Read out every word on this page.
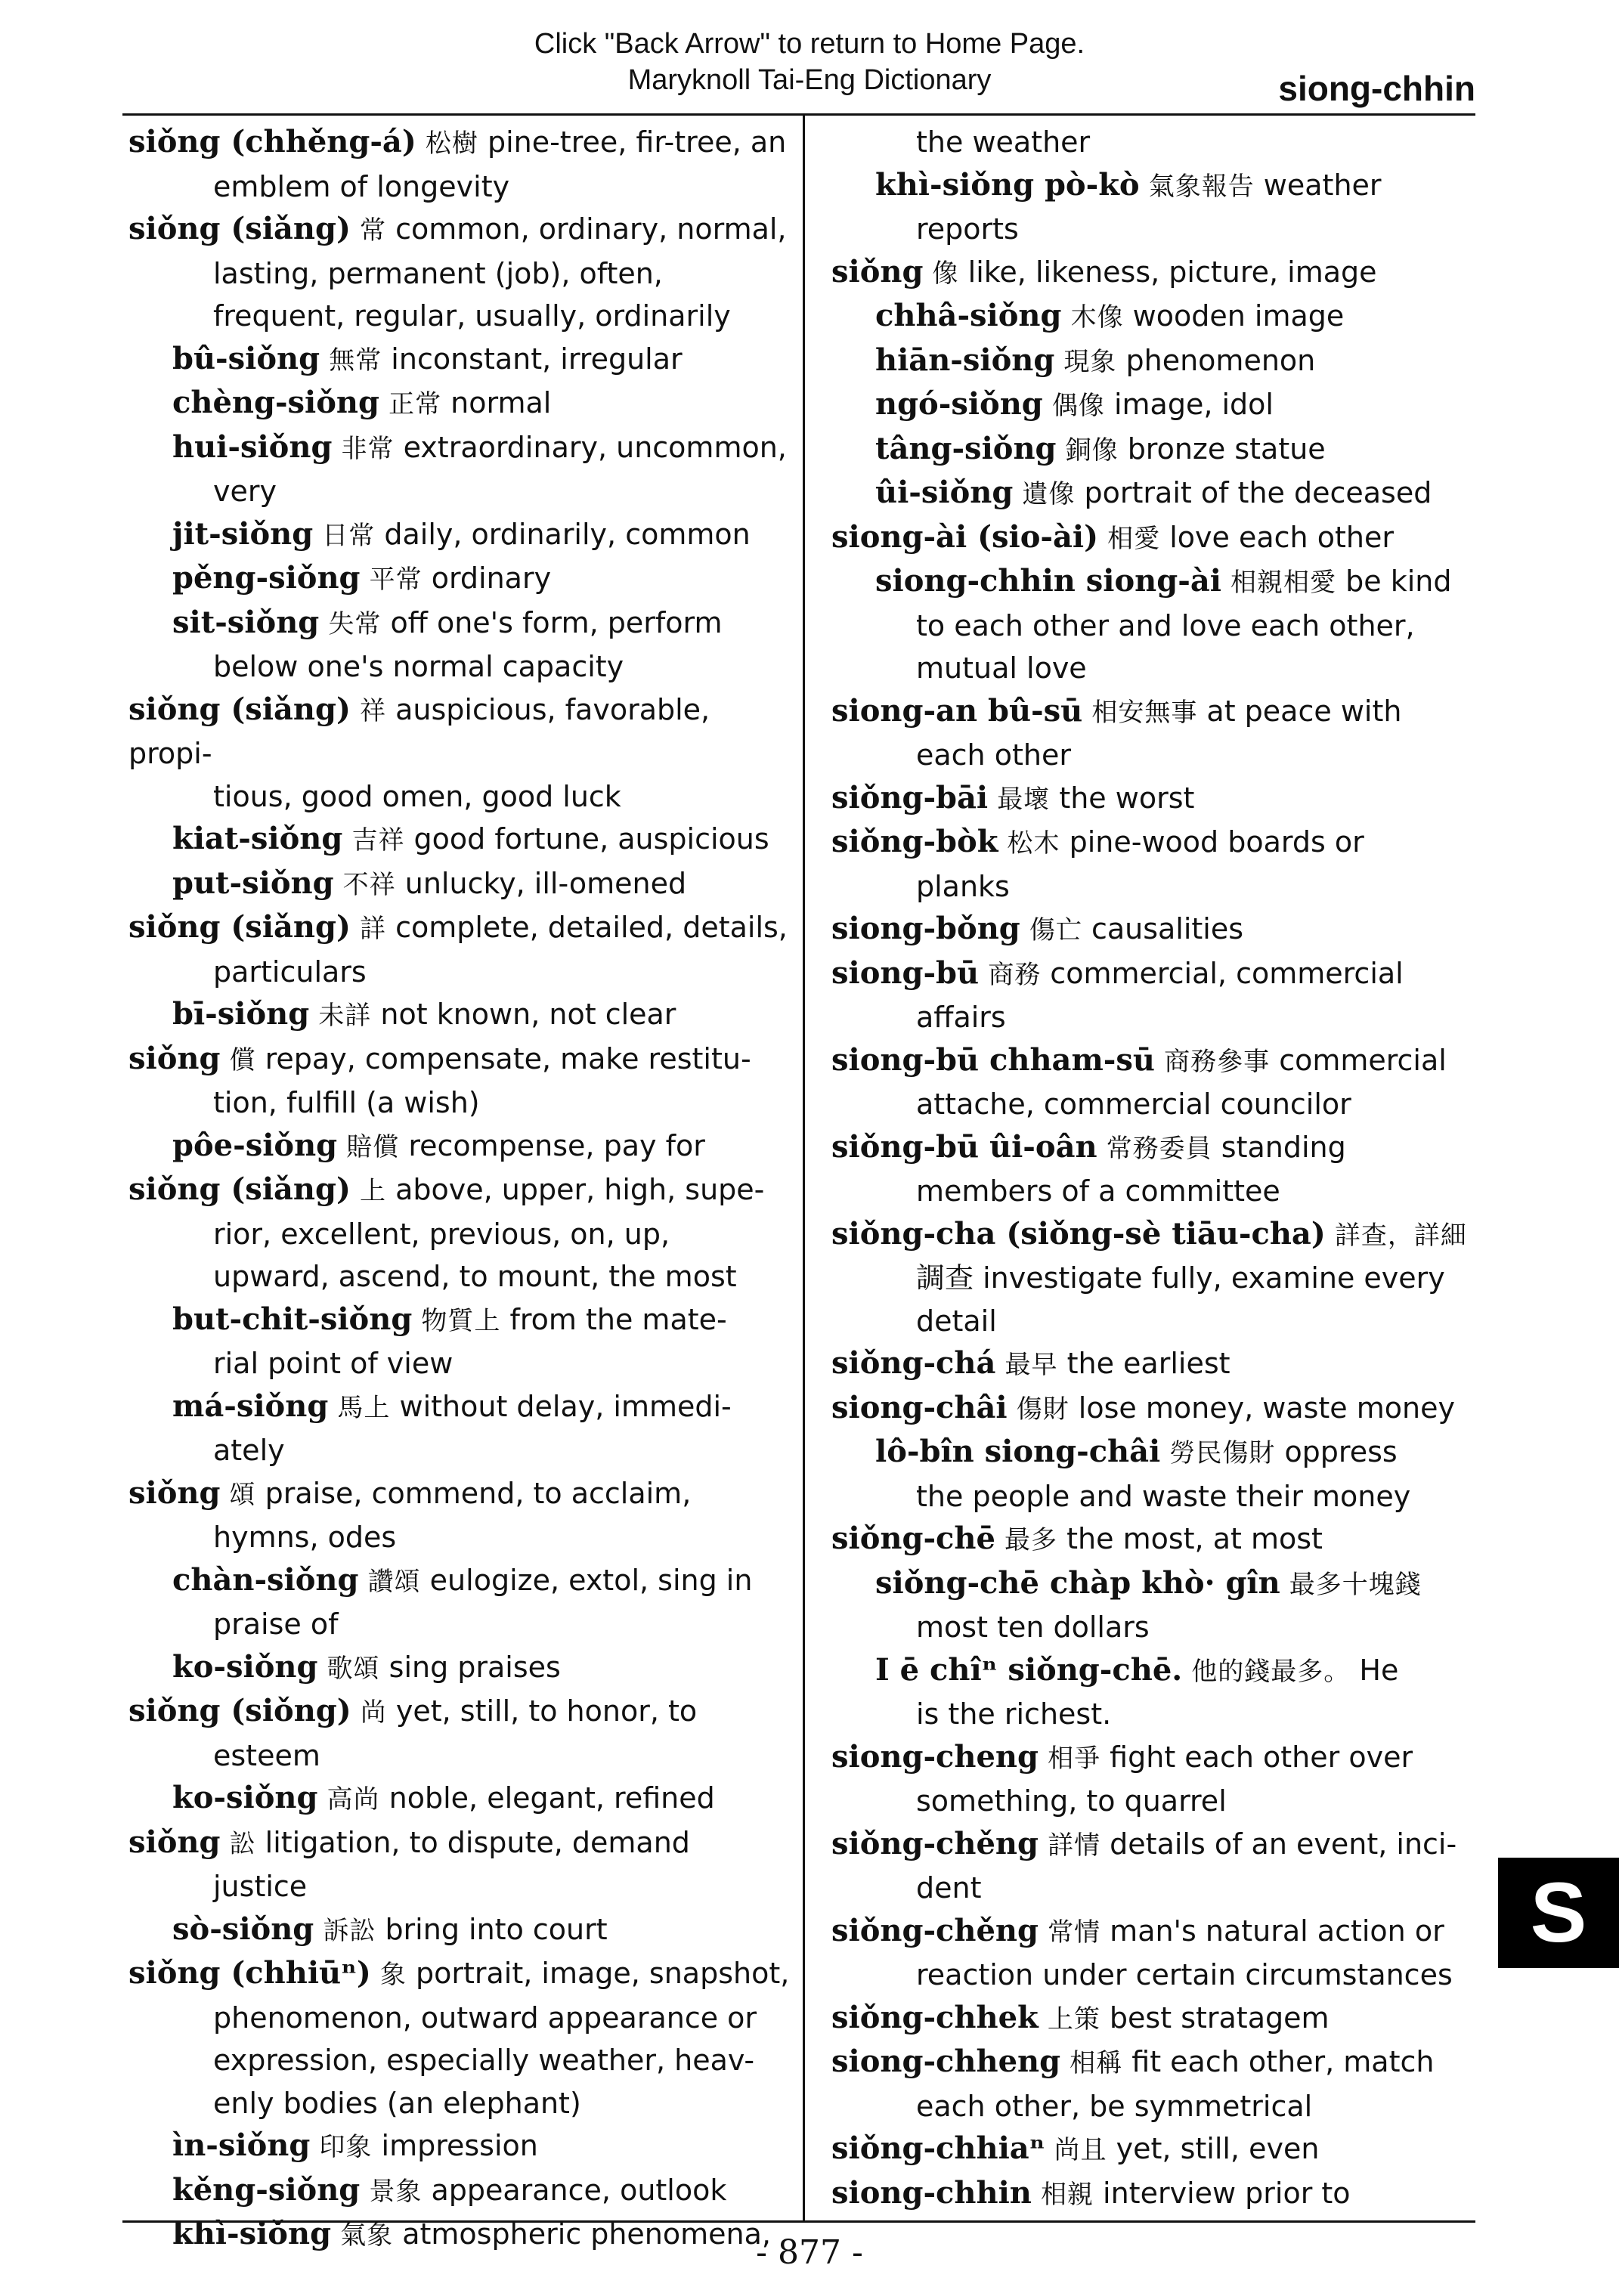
Click "Back Arrow" to return to Home Page.
Maryknoll Tai-Eng Dictionary	siong-chhin
siǒng (chhěng-á) 松樹 pine-tree, fir-tree, an
emblem of longevity
siǒng (siǎng) 常 common, ordinary, normal,
lasting, permanent (job), often,
frequent, regular, usually, ordinarily
bû-siǒng 無常 inconstant, irregular
chèng-siǒng 正常 normal
hui-siǒng 非常 extraordinary, uncommon,
very
jit-siǒng 日常 daily, ordinarily, common
pěng-siǒng 平常 ordinary
sit-siǒng 失常 off one's form, perform
below one's normal capacity
siǒng (siǎng) 祥 auspicious, favorable, propi-
tious, good omen, good luck
kiat-siǒng 吉祥 good fortune, auspicious
put-siǒng 不祥 unlucky, ill-omened
siǒng (siǎng) 詳 complete, detailed, details,
particulars
bī-siǒng 未詳 not known, not clear
siǒng 償 repay, compensate, make restitu-
tion, fulfill (a wish)
pôe-siǒng 賠償 recompense, pay for
siǒng (siǎng) 上 above, upper, high, supe-
rior, excellent, previous, on, up,
upward, ascend, to mount, the most
but-chit-siǒng 物質上 from the mate-
rial point of view
má-siǒng 馬上 without delay, immedi-
ately
siǒng 頌 praise, commend, to acclaim,
hymns, odes
chàn-siǒng 讚頌 eulogize, extol, sing in
praise of
ko-siǒng 歌頌 sing praises
siǒng (siǒng) 尚 yet, still, to honor, to
esteem
ko-siǒng 高尚 noble, elegant, refined
siǒng 訟 litigation, to dispute, demand
justice
sò-siǒng 訴訟 bring into court
siǒng (chhiūⁿ) 象 portrait, image, snapshot,
phenomenon, outward appearance or
expression, especially weather, heav-
enly bodies (an elephant)
ìn-siǒng 印象 impression
kěng-siǒng 景象 appearance, outlook
khì-siǒng 氣象 atmospheric phenomena,
the weather
khì-siǒng pò-kò 氣象報告 weather
reports
siǒng 像 like, likeness, picture, image
chhâ-siǒng 木像 wooden image
hiān-siǒng 現象 phenomenon
ngó-siǒng 偶像 image, idol
tâng-siǒng 銅像 bronze statue
ûi-siǒng 遺像 portrait of the deceased
siong-ài (sio-ài) 相愛 love each other
siong-chhin siong-ài 相親相愛 be kind
to each other and love each other,
mutual love
siong-an bû-sū 相安無事 at peace with
each other
siǒng-bāi 最壞 the worst
siǒng-bòk 松木 pine-wood boards or
planks
siong-bǒng 傷亡 causalities
siong-bū 商務 commercial, commercial
affairs
siong-bū chham-sū 商務參事 commercial
attache, commercial councilor
siǒng-bū ûi-oân 常務委員 standing
members of a committee
siǒng-cha (siǒng-sè tiāu-cha) 詳查，詳細
調查 investigate fully, examine every
detail
siǒng-chá 最早 the earliest
siong-châi 傷財 lose money, waste money
lô-bîn siong-châi 勞民傷財 oppress
the people and waste their money
siǒng-chē 最多 the most, at most
siǒng-chē chàp khò· gîn 最多十塊錢
most ten dollars
I ē chîⁿ siǒng-chē. 他的錢最多。 He
is the richest.
siong-cheng 相爭 fight each other over
something, to quarrel
siǒng-chěng 詳情 details of an event, inci-
dent
siǒng-chěng 常情 man's natural action or
reaction under certain circumstances
siǒng-chhek 上策 best stratagem
siong-chheng 相稱 fit each other, match
each other, be symmetrical
siǒng-chhiaⁿ 尚且 yet, still, even
siong-chhin 相親 interview prior to
S
- 877 -
